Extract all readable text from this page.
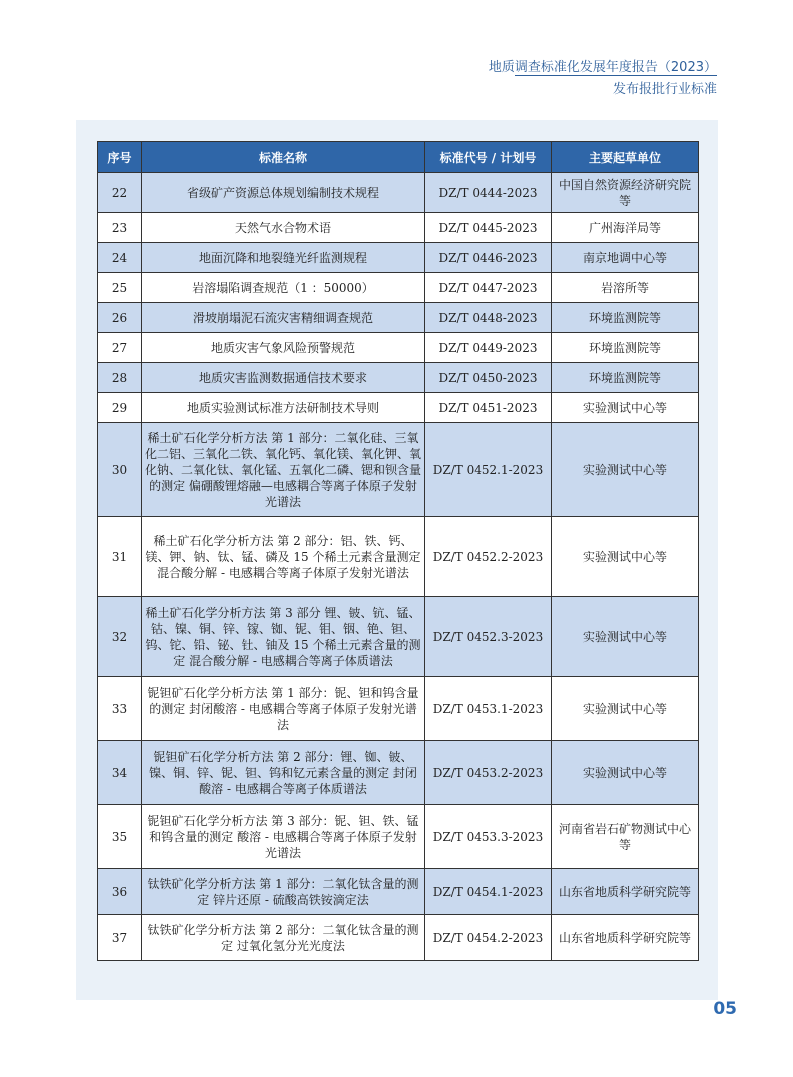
地质调查标准化发展年度报告（2023）
发布报批行业标准
序号	标准名称	标准代号 / 计划号	主要起草单位
22	省级矿产资源总体规划编制技术规程	DZ/T 0444-2023	中国自然资源经济研究院等
23	天然气水合物术语	DZ/T 0445-2023	广州海洋局等
24	地面沉降和地裂缝光纤监测规程	DZ/T 0446-2023	南京地调中心等
25	岩溶塌陷调查规范（1 ：50000）	DZ/T 0447-2023	岩溶所等
26	滑坡崩塌泥石流灾害精细调查规范	DZ/T 0448-2023	环境监测院等
27	地质灾害气象风险预警规范	DZ/T 0449-2023	环境监测院等
28	地质灾害监测数据通信技术要求	DZ/T 0450-2023	环境监测院等
29	地质实验测试标准方法研制技术导则	DZ/T 0451-2023	实验测试中心等
30	稀土矿石化学分析方法 第 1 部分：二氧化硅、三氧化二铝、三氧化二铁、氧化钙、氧化镁、氧化钾、氧化钠、二氧化钛、氧化锰、五氧化二磷、锶和钡含量的测定 偏硼酸锂熔融—电感耦合等离子体原子发射光谱法	DZ/T 0452.1-2023	实验测试中心等
31	稀土矿石化学分析方法 第 2 部分：铝、铁、钙、镁、钾、钠、钛、锰、磷及 15 个稀土元素含量测定 混合酸分解 - 电感耦合等离子体原子发射光谱法	DZ/T 0452.2-2023	实验测试中心等
32	稀土矿石化学分析方法 第 3 部分 锂、铍、钪、锰、钴、镍、铜、锌、镓、铷、铌、钼、铟、铯、钽、钨、铊、铅、铋、钍、铀及 15 个稀土元素含量的测定 混合酸分解 - 电感耦合等离子体质谱法	DZ/T 0452.3-2023	实验测试中心等
33	铌钽矿石化学分析方法 第 1 部分：铌、钽和钨含量的测定 封闭酸溶 - 电感耦合等离子体原子发射光谱法	DZ/T 0453.1-2023	实验测试中心等
34	铌钽矿石化学分析方法 第 2 部分：锂、铷、铍、镍、铜、锌、铌、钽、钨和钇元素含量的测定 封闭酸溶 - 电感耦合等离子体质谱法	DZ/T 0453.2-2023	实验测试中心等
35	铌钽矿石化学分析方法 第 3 部分：铌、钽、铁、锰和钨含量的测定 酸溶 - 电感耦合等离子体原子发射光谱法	DZ/T 0453.3-2023	河南省岩石矿物测试中心等
36	钛铁矿化学分析方法 第 1 部分：二氧化钛含量的测定 锌片还原 - 硫酸高铁铵滴定法	DZ/T 0454.1-2023	山东省地质科学研究院等
37	钛铁矿化学分析方法 第 2 部分：二氧化钛含量的测定 过氧化氢分光光度法	DZ/T 0454.2-2023	山东省地质科学研究院等
05
